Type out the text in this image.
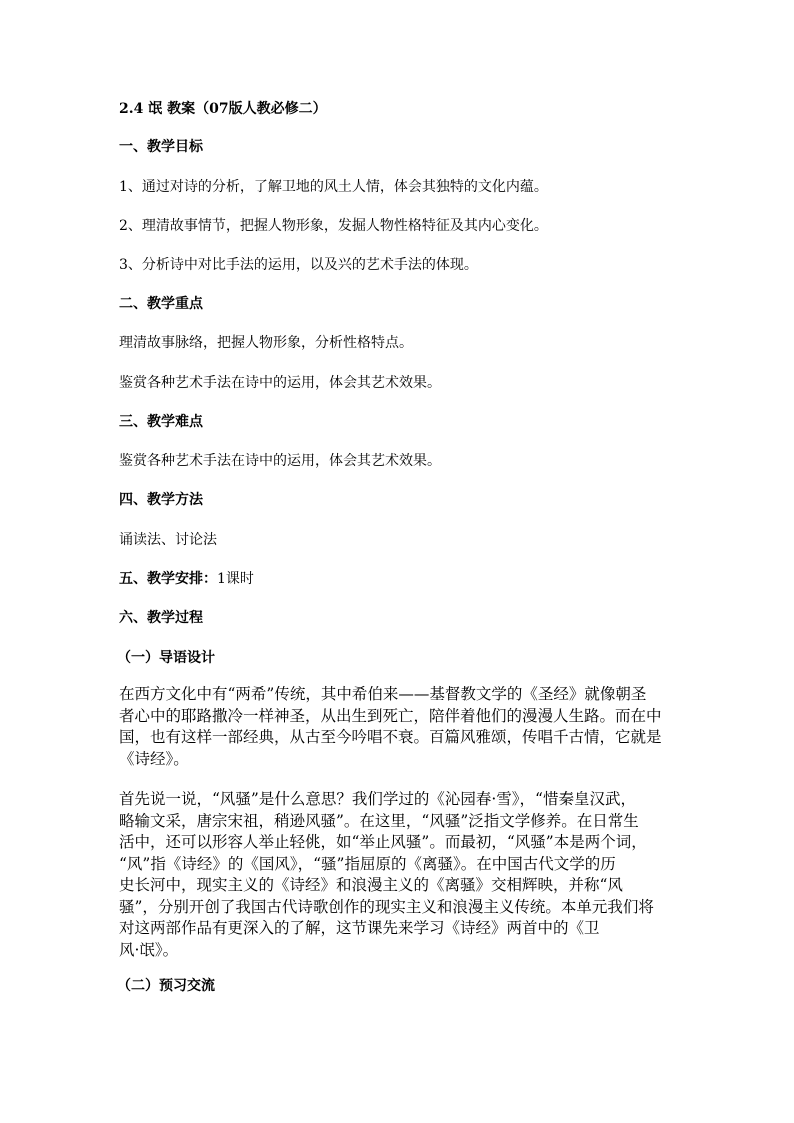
2.4 氓 教案（07版人教必修二）

一、教学目标

1、通过对诗的分析，了解卫地的风土人情，体会其独特的文化内蕴。

2、理清故事情节，把握人物形象，发掘人物性格特征及其内心变化。

3、分析诗中对比手法的运用，以及兴的艺术手法的体现。

二、教学重点

理清故事脉络，把握人物形象，分析性格特点。

鉴赏各种艺术手法在诗中的运用，体会其艺术效果。

三、教学难点

鉴赏各种艺术手法在诗中的运用，体会其艺术效果。

四、教学方法

诵读法、讨论法

五、教学安排：1课时

六、教学过程

（一）导语设计

在西方文化中有“两希”传统，其中希伯来——基督教文学的《圣经》就像朝圣
者心中的耶路撒冷一样神圣，从出生到死亡，陪伴着他们的漫漫人生路。而在中
国，也有这样一部经典，从古至今吟唱不衰。百篇风雅颂，传唱千古情，它就是
《诗经》。
首先说一说，“风骚”是什么意思？我们学过的《沁园春·雪》，“惜秦皇汉武，
略输文采，唐宗宋祖，稍逊风骚”。在这里，“风骚”泛指文学修养。在日常生
活中，还可以形容人举止轻佻，如“举止风骚”。而最初，“风骚”本是两个词，
“风”指《诗经》的《国风》，“骚”指屈原的《离骚》。在中国古代文学的历
史长河中，现实主义的《诗经》和浪漫主义的《离骚》交相辉映，并称“风
骚”，分别开创了我国古代诗歌创作的现实主义和浪漫主义传统。本单元我们将
对这两部作品有更深入的了解，这节课先来学习《诗经》两首中的《卫
风·氓》。

（二）预习交流
